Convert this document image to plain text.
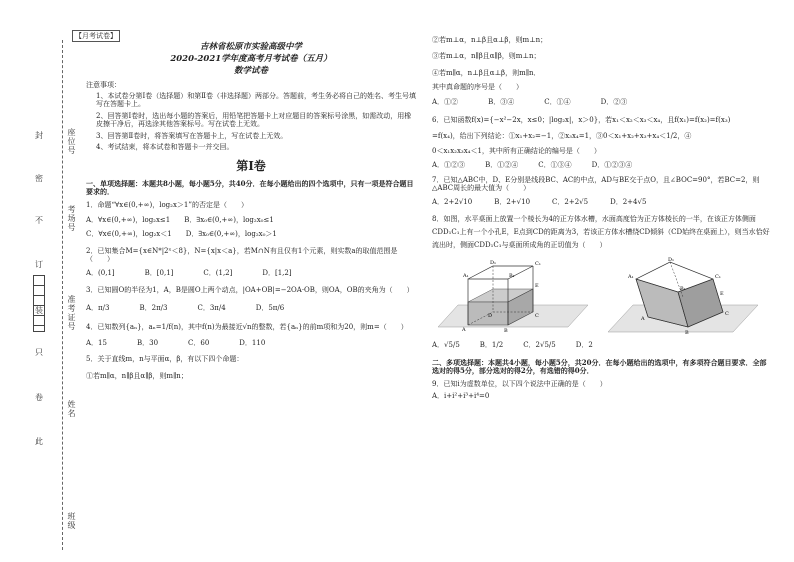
座位号
考场号
准考证号
姓名
班级
封
密
不
订
装
只
卷
此
【月考试卷】
吉林省松原市实验高级中学
2020-2021学年度高考月考试卷（五月）
数学试卷
注意事项：
1、本试卷分第Ⅰ卷（选择题）和第Ⅱ卷（非选择题）两部分。答题前，考生务必将自己的姓名、考生号填写在答题卡上。
2、回答第Ⅰ卷时，选出每小题的答案后，用铅笔把答题卡上对应题目的答案标号涂黑，如需改动，用橡皮擦干净后，再选涂其他答案标号。写在试卷上无效。
3、回答第Ⅱ卷时，将答案填写在答题卡上，写在试卷上无效。
4、考试结束，将本试卷和答题卡一并交回。
第Ⅰ卷
一、单项选择题：本题共8小题，每小题5分，共40分．在每小题给出的四个选项中，只有一项是符合题目要求的．
1．命题“∀x∈(0,+∞)，log₂x＞1”的否定是（　　）
A．∀x∈(0,+∞)，log₂x≤1　　 B．∃x₀∈(0,+∞)，log₂x₀≤1
C．∀x∈(0,+∞)，log₂x＜1　　 D．∃x₀∈(0,+∞)，log₂x₀＞1
2．已知集合M={x∈N*|2ˣ＜8}，N={x|x＜a}，若M∩N有且仅有1个元素，则实数a的取值范围是（　　）
A．(0,1]	B．[0,1]	C．(1,2]	D．[1,2]
3．已知圆O的半径为1，A，B是圆O上两个动点，|OA+OB|=−2OA·OB，则OA，OB的夹角为（　　）
A．π/3	B．2π/3	C．3π/4	D．5π/6
4．已知数列{aₙ}，aₙ=1/f(n)，其中f(n)为最接近√n的整数，若{aₙ}的前m项和为20，则m=（　　）
A．15	B．30	C．60	D．110
5．关于直线m，n与平面α，β，有以下四个命题：
①若m∥α，n∥β且α∥β，则m∥n；
②若m⊥α，n⊥β且α⊥β，则m⊥n；
③若m⊥α，n∥β且α∥β，则m⊥n；
④若m∥α，n⊥β且α⊥β，则m∥n．
其中真命题的序号是（　　）
A．①②	B．③④	C．①④	D．②③
6．已知函数f(x)={−x²−2x，x≤0；|log₂x|，x＞0}，若x₁＜x₂＜x₃＜x₄，且f(x₁)=f(x₂)=f(x₃)
=f(x₄)，给出下列结论：①x₁+x₂=−1，②x₃x₄=1，③0＜x₁+x₂+x₃+x₄＜1/2，④
0＜x₁x₂x₃x₄＜1，其中所有正确结论的编号是（　　）
A．①②③	B．①②④	C．①③④	D．①②③④
7．已知△ABC中，D、E分别是线段BC、AC的中点，AD与BE交于点O，且∠BOC=90°，若BC=2，则△ABC周长的最大值为（　　）
A．2+2√10	B．2+√10	C．2+2√5	D．2+4√5
8．如图，水平桌面上放置一个棱长为4的正方体水槽，水面高度恰为正方体棱长的一半，在该正方体侧面CDD₁C₁上有一个小孔E，E点到CD的距离为3，若该正方体水槽绕CD倾斜（CD始终在桌面上），则当水恰好流出时，侧面CDD₁C₁与桌面所成角的正切值为（　　）
A₁
D₁	C₁
B₁
E
A	B
C
D
D₁
C₁
A₁
B₁
A
B
C
E
A．√5/5	B．1/2	C．2√5/5	D．2
二、多项选择题：本题共4小题，每小题5分，共20分．在每小题给出的选项中，有多项符合题目要求．全部选对的得5分，部分选对的得2分，有选错的得0分．
9．已知i为虚数单位，以下四个说法中正确的是（　　）
A．i+i²+i³+i⁴=0
